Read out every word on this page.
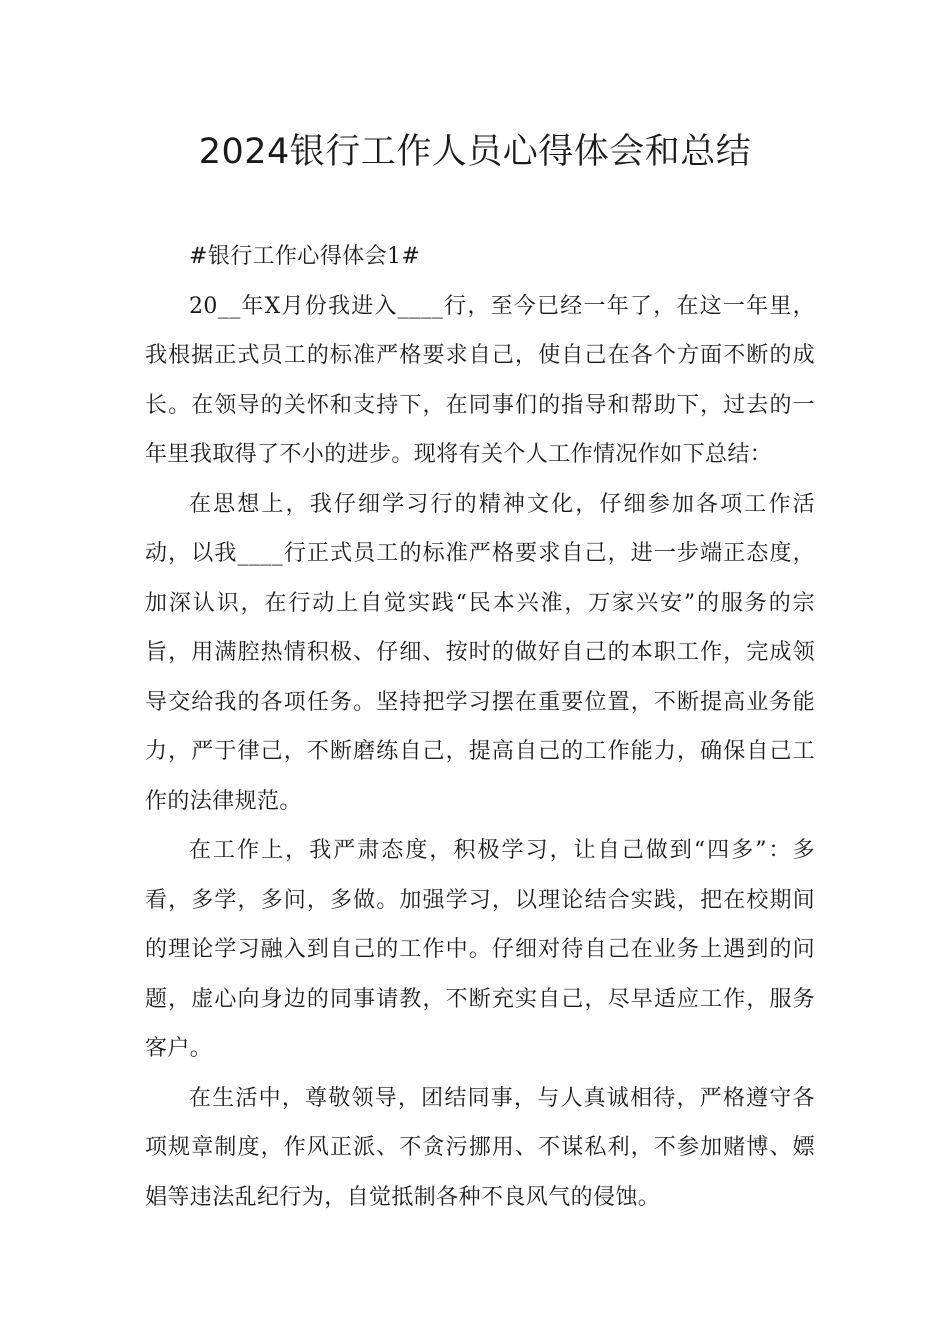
2024银行工作人员心得体会和总结

#银行工作心得体会1#

20__年X月份我进入____行，至今已经一年了，在这一年里，我根据正式员工的标准严格要求自己，使自己在各个方面不断的成长。在领导的关怀和支持下，在同事们的指导和帮助下，过去的一年里我取得了不小的进步。现将有关个人工作情况作如下总结：

在思想上，我仔细学习行的精神文化，仔细参加各项工作活动，以我____行正式员工的标准严格要求自己，进一步端正态度，加深认识，在行动上自觉实践“民本兴淮，万家兴安”的服务的宗旨，用满腔热情积极、仔细、按时的做好自己的本职工作，完成领导交给我的各项任务。坚持把学习摆在重要位置，不断提高业务能力，严于律己，不断磨练自己，提高自己的工作能力，确保自己工作的法律规范。

在工作上，我严肃态度，积极学习，让自己做到“四多”：多看，多学，多问，多做。加强学习，以理论结合实践，把在校期间的理论学习融入到自己的工作中。仔细对待自己在业务上遇到的问题，虚心向身边的同事请教，不断充实自己，尽早适应工作，服务客户。

在生活中，尊敬领导，团结同事，与人真诚相待，严格遵守各项规章制度，作风正派、不贪污挪用、不谋私利，不参加赌博、嫖娼等违法乱纪行为，自觉抵制各种不良风气的侵蚀。
